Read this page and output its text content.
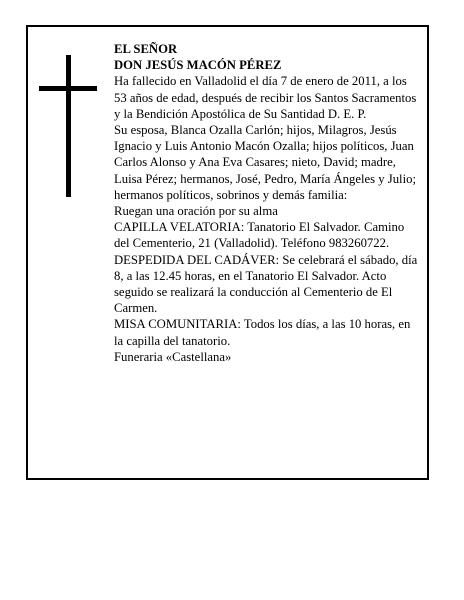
EL SEÑOR

DON JESÚS MACÓN PÉREZ

Ha fallecido en Valladolid el día 7 de enero de 2011, a los 53 años de edad, después de recibir los Santos Sacramentos y la Bendición Apostólica de Su Santidad D. E. P.

Su esposa, Blanca Ozalla Carlón; hijos, Milagros, Jesús Ignacio y Luis Antonio Macón Ozalla; hijos políticos, Juan Carlos Alonso y Ana Eva Casares; nieto, David; madre, Luisa Pérez; hermanos, José, Pedro, María Ángeles y Julio; hermanos políticos, sobrinos y demás familia:

Ruegan una oración por su alma

CAPILLA VELATORIA: Tanatorio El Salvador. Camino del Cementerio, 21 (Valladolid). Teléfono 983260722.

DESPEDIDA DEL CADÁVER: Se celebrará el sábado, día 8, a las 12.45 horas, en el Tanatorio El Salvador. Acto seguido se realizará la conducción al Cementerio de El Carmen.

MISA COMUNITARIA: Todos los días, a las 10 horas, en la capilla del tanatorio.

Funeraria «Castellana»
